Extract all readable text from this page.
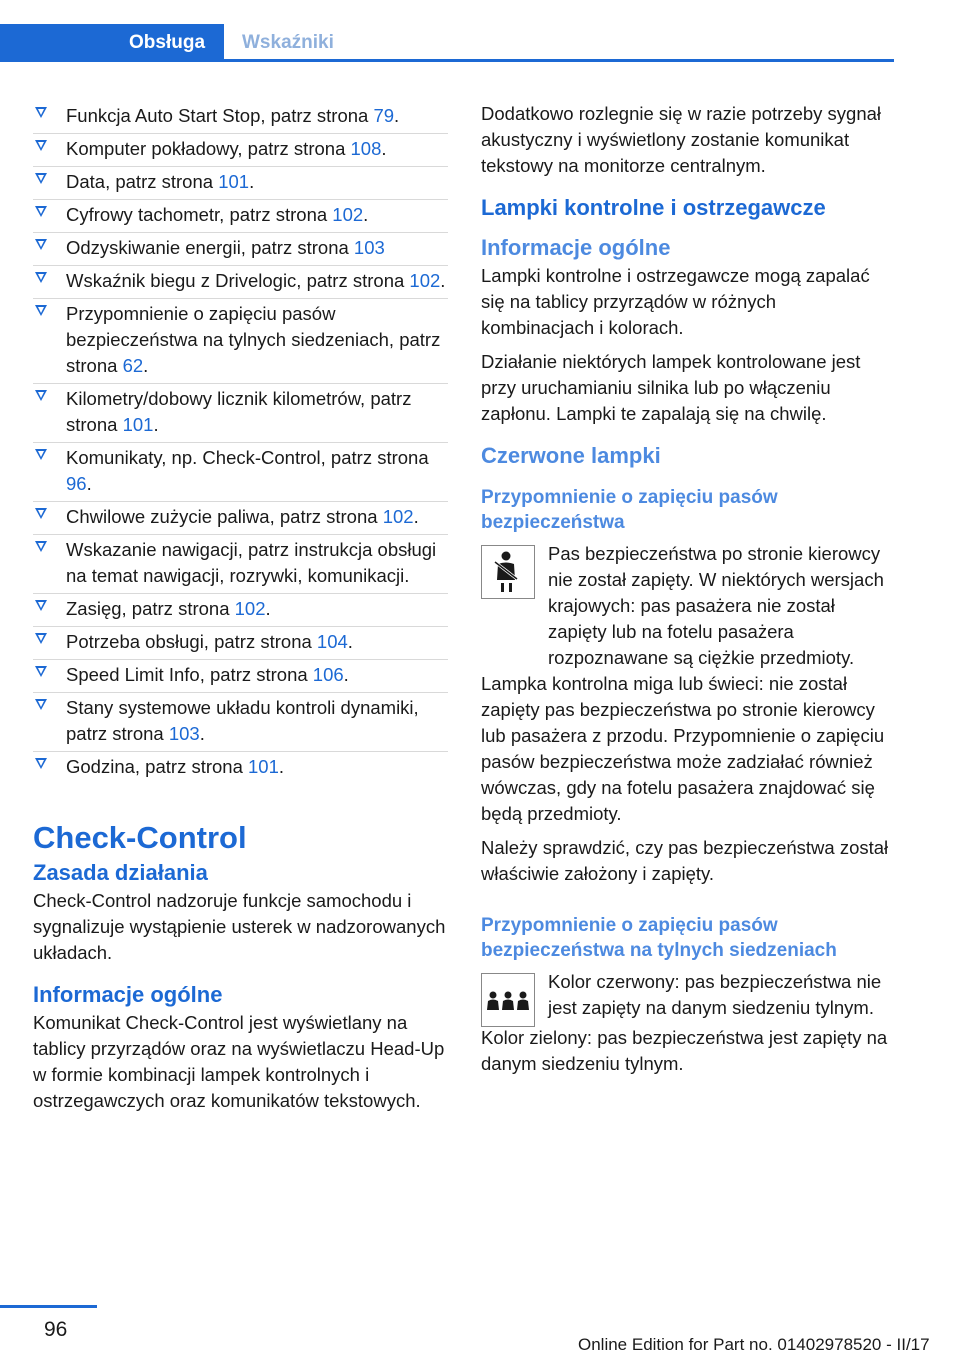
Obsługa	Wskaźniki
Funkcja Auto Start Stop, patrz strona 79.
Komputer pokładowy, patrz strona 108.
Data, patrz strona 101.
Cyfrowy tachometr, patrz strona 102.
Odzyskiwanie energii, patrz strona 103
Wskaźnik biegu z Drivelogic, patrz strona 102.
Przypomnienie o zapięciu pasów bezpieczeństwa na tylnych siedzeniach, patrz strona 62.
Kilometry/dobowy licznik kilometrów, patrz strona 101.
Komunikaty, np. Check-Control, patrz strona 96.
Chwilowe zużycie paliwa, patrz strona 102.
Wskazanie nawigacji, patrz instrukcja obsługi na temat nawigacji, rozrywki, komunikacji.
Zasięg, patrz strona 102.
Potrzeba obsługi, patrz strona 104.
Speed Limit Info, patrz strona 106.
Stany systemowe układu kontroli dynamiki, patrz strona 103.
Godzina, patrz strona 101.
Check-Control
Zasada działania

Check-Control nadzoruje funkcje samochodu i sygnalizuje wystąpienie usterek w nadzorowanych układach.

Informacje ogólne

Komunikat Check-Control jest wyświetlany na tablicy przyrządów oraz na wyświetlaczu Head-Up w formie kombinacji lampek kontrolnych i ostrzegawczych oraz komunikatów tekstowych.

Dodatkowo rozlegnie się w razie potrzeby sygnał akustyczny i wyświetlony zostanie komunikat tekstowy na monitorze centralnym.

Lampki kontrolne i ostrzegawcze
Informacje ogólne

Lampki kontrolne i ostrzegawcze mogą zapalać się na tablicy przyrządów w różnych kombinacjach i kolorach.

Działanie niektórych lampek kontrolowane jest przy uruchamianiu silnika lub po włączeniu zapłonu. Lampki te zapalają się na chwilę.

Czerwone lampki
Przypomnienie o zapięciu pasów bezpieczeństwa

Pas bezpieczeństwa po stronie kierowcy nie został zapięty. W niektórych wersjach krajowych: pas pasażera nie został zapięty lub na fotelu pasażera rozpoznawane są ciężkie przedmioty.

Lampka kontrolna miga lub świeci: nie został zapięty pas bezpieczeństwa po stronie kierowcy lub pasażera z przodu. Przypomnienie o zapięciu pasów bezpieczeństwa może zadziałać również wówczas, gdy na fotelu pasażera znajdować się będą przedmioty.

Należy sprawdzić, czy pas bezpieczeństwa został właściwie założony i zapięty.

Przypomnienie o zapięciu pasów bezpieczeństwa na tylnych siedzeniach

Kolor czerwony: pas bezpieczeństwa nie jest zapięty na danym siedzeniu tylnym.

Kolor zielony: pas bezpieczeństwa jest zapięty na danym siedzeniu tylnym.

96
Online Edition for Part no. 01402978520 - II/17
